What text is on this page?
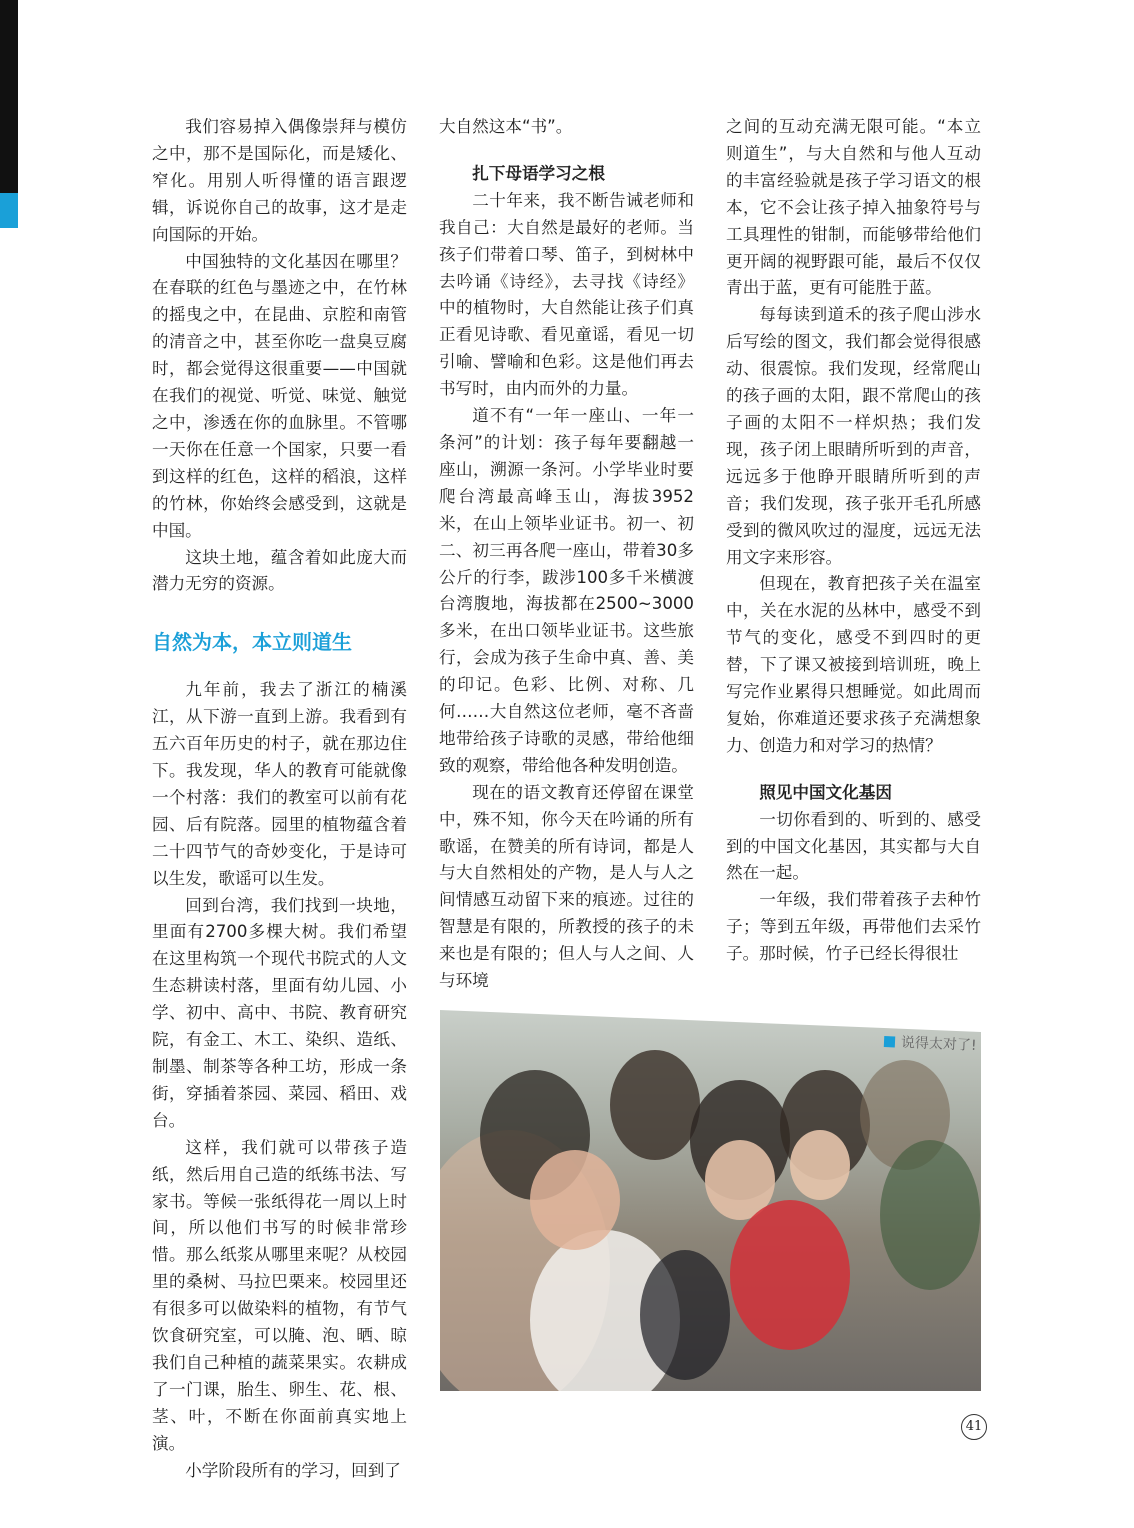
我们容易掉入偶像崇拜与模仿之中，那不是国际化，而是矮化、窄化。用别人听得懂的语言跟逻辑，诉说你自己的故事，这才是走向国际的开始。

中国独特的文化基因在哪里？在春联的红色与墨迹之中，在竹林的摇曳之中，在昆曲、京腔和南管的清音之中，甚至你吃一盘臭豆腐时，都会觉得这很重要——中国就在我们的视觉、听觉、味觉、触觉之中，渗透在你的血脉里。不管哪一天你在任意一个国家，只要一看到这样的红色，这样的稻浪，这样的竹林，你始终会感受到，这就是中国。

这块土地，蕴含着如此庞大而潜力无穷的资源。

自然为本，本立则道生

九年前，我去了浙江的楠溪江，从下游一直到上游。我看到有五六百年历史的村子，就在那边住下。我发现，华人的教育可能就像一个村落：我们的教室可以前有花园、后有院落。园里的植物蕴含着二十四节气的奇妙变化，于是诗可以生发，歌谣可以生发。

回到台湾，我们找到一块地，里面有2700多棵大树。我们希望在这里构筑一个现代书院式的人文生态耕读村落，里面有幼儿园、小学、初中、高中、书院、教育研究院，有金工、木工、染织、造纸、制墨、制茶等各种工坊，形成一条街，穿插着茶园、菜园、稻田、戏台。

这样，我们就可以带孩子造纸，然后用自己造的纸练书法、写家书。等候一张纸得花一周以上时间，所以他们书写的时候非常珍惜。那么纸浆从哪里来呢？从校园里的桑树、马拉巴栗来。校园里还有很多可以做染料的植物，有节气饮食研究室，可以腌、泡、晒、晾我们自己种植的蔬菜果实。农耕成了一门课，胎生、卵生、花、根、茎、叶，不断在你面前真实地上演。

小学阶段所有的学习，回到了

大自然这本“书”。

扎下母语学习之根

二十年来，我不断告诫老师和我自己：大自然是最好的老师。当孩子们带着口琴、笛子，到树林中去吟诵《诗经》，去寻找《诗经》中的植物时，大自然能让孩子们真正看见诗歌、看见童谣，看见一切引喻、譬喻和色彩。这是他们再去书写时，由内而外的力量。

道不有“一年一座山、一年一条河”的计划：孩子每年要翻越一座山，溯源一条河。小学毕业时要爬台湾最高峰玉山，海拔3952米，在山上领毕业证书。初一、初二、初三再各爬一座山，带着30多公斤的行李，跋涉100多千米横渡台湾腹地，海拔都在2500~3000多米，在出口领毕业证书。这些旅行，会成为孩子生命中真、善、美的印记。色彩、比例、对称、几何……大自然这位老师，毫不吝啬地带给孩子诗歌的灵感，带给他细致的观察，带给他各种发明创造。

现在的语文教育还停留在课堂中，殊不知，你今天在吟诵的所有歌谣，在赞美的所有诗词，都是人与大自然相处的产物，是人与人之间情感互动留下来的痕迹。过往的智慧是有限的，所教授的孩子的未来也是有限的；但人与人之间、人与环境

之间的互动充满无限可能。“本立则道生”，与大自然和与他人互动的丰富经验就是孩子学习语文的根本，它不会让孩子掉入抽象符号与工具理性的钳制，而能够带给他们更开阔的视野跟可能，最后不仅仅青出于蓝，更有可能胜于蓝。

每每读到道禾的孩子爬山涉水后写绘的图文，我们都会觉得很感动、很震惊。我们发现，经常爬山的孩子画的太阳，跟不常爬山的孩子画的太阳不一样炽热；我们发现，孩子闭上眼睛所听到的声音，远远多于他睁开眼睛所听到的声音；我们发现，孩子张开毛孔所感受到的微风吹过的湿度，远远无法用文字来形容。

但现在，教育把孩子关在温室中，关在水泥的丛林中，感受不到节气的变化，感受不到四时的更替，下了课又被接到培训班，晚上写完作业累得只想睡觉。如此周而复始，你难道还要求孩子充满想象力、创造力和对学习的热情？

照见中国文化基因

一切你看到的、听到的、感受到的中国文化基因，其实都与大自然在一起。

一年级，我们带着孩子去种竹子；等到五年级，再带他们去采竹子。那时候，竹子已经长得很壮

说得太对了!
41
